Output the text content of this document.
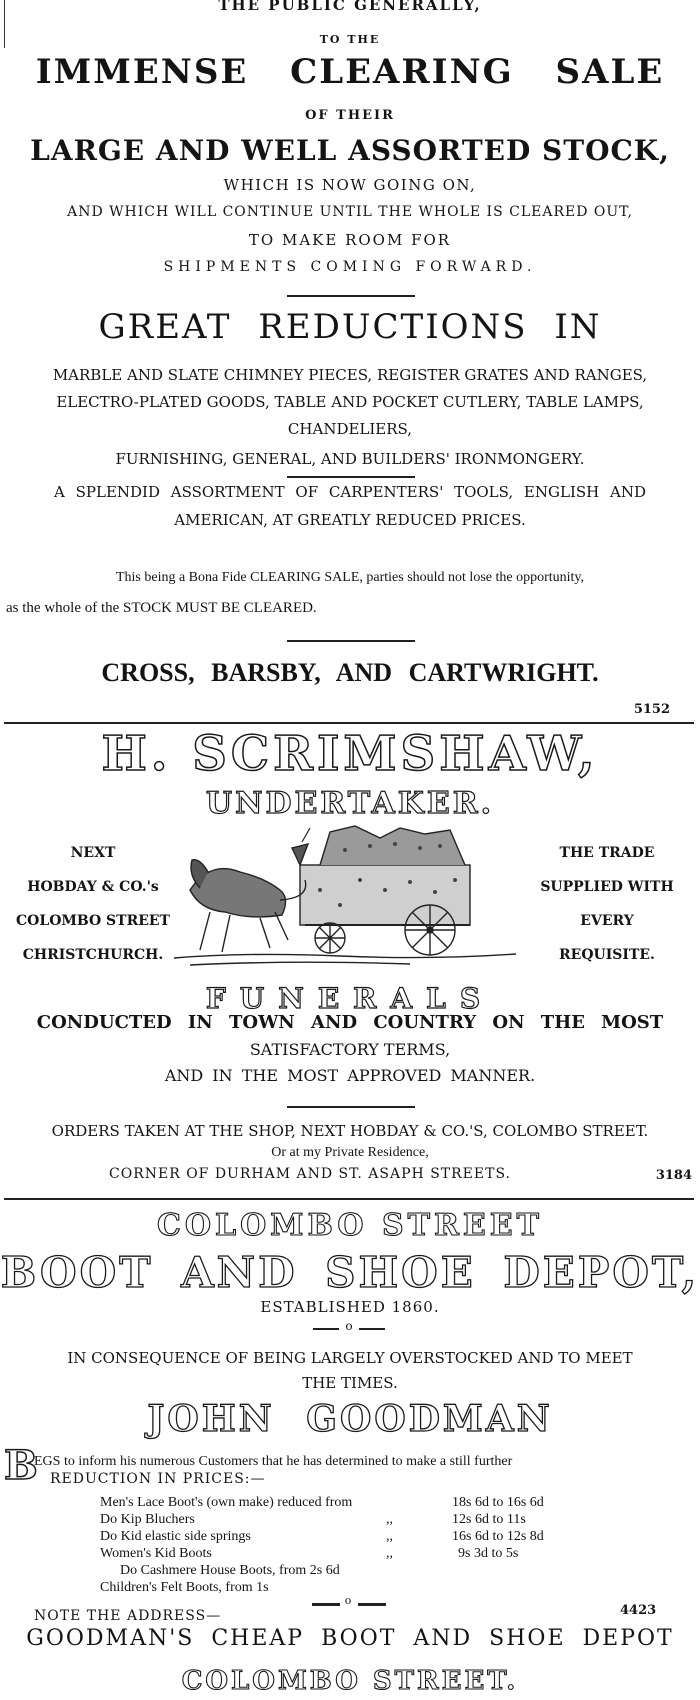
THE PUBLIC GENERALLY,
TO THE
IMMENSE CLEARING SALE
OF THEIR
LARGE AND WELL ASSORTED STOCK,
WHICH IS NOW GOING ON,
AND WHICH WILL CONTINUE UNTIL THE WHOLE IS CLEARED OUT,
TO MAKE ROOM FOR
SHIPMENTS COMING FORWARD.
GREAT REDUCTIONS IN
MARBLE AND SLATE CHIMNEY PIECES, REGISTER GRATES AND RANGES,
ELECTRO-PLATED GOODS, TABLE AND POCKET CUTLERY, TABLE LAMPS,
CHANDELIERS,
FURNISHING, GENERAL, AND BUILDERS' IRONMONGERY.
A SPLENDID ASSORTMENT OF CARPENTERS' TOOLS, ENGLISH AND
AMERICAN, AT GREATLY REDUCED PRICES.
This being a Bona Fide CLEARING SALE, parties should not lose the opportunity,
as the whole of the STOCK MUST BE CLEARED.
CROSS, BARSBY, AND CARTWRIGHT.
5152
H. SCRIMSHAW,
UNDERTAKER.
NEXT
HOBDAY & CO.'s
COLOMBO STREET
CHRISTCHURCH.
THE TRADE
SUPPLIED WITH
EVERY
REQUISITE.
FUNERALS
CONDUCTED IN TOWN AND COUNTRY ON THE MOST
SATISFACTORY TERMS,
AND IN THE MOST APPROVED MANNER.
ORDERS TAKEN AT THE SHOP, NEXT HOBDAY & CO.'S, COLOMBO STREET.
Or at my Private Residence,
CORNER OF DURHAM AND ST. ASAPH STREETS.	3184
COLOMBO STREET
BOOT AND SHOE DEPOT,
ESTABLISHED 1860.
o
IN CONSEQUENCE OF BEING LARGELY OVERSTOCKED AND TO MEET
THE TIMES.
JOHN GOODMAN
B
EGS to inform his numerous Customers that he has determined to make a still further
REDUCTION IN PRICES:—
Men's Lace Boot's (own make) reduced from	18s 6d to 16s 6d
Do Kip Bluchers	,,	12s 6d to 11s
Do Kid elastic side springs	,,	16s 6d to 12s 8d
Women's Kid Boots	,,	9s 3d to 5s
Do Cashmere House Boots, from 2s 6d
Children's Felt Boots, from 1s
o
NOTE THE ADDRESS—	4423
GOODMAN'S CHEAP BOOT AND SHOE DEPOT
COLOMBO STREET.
